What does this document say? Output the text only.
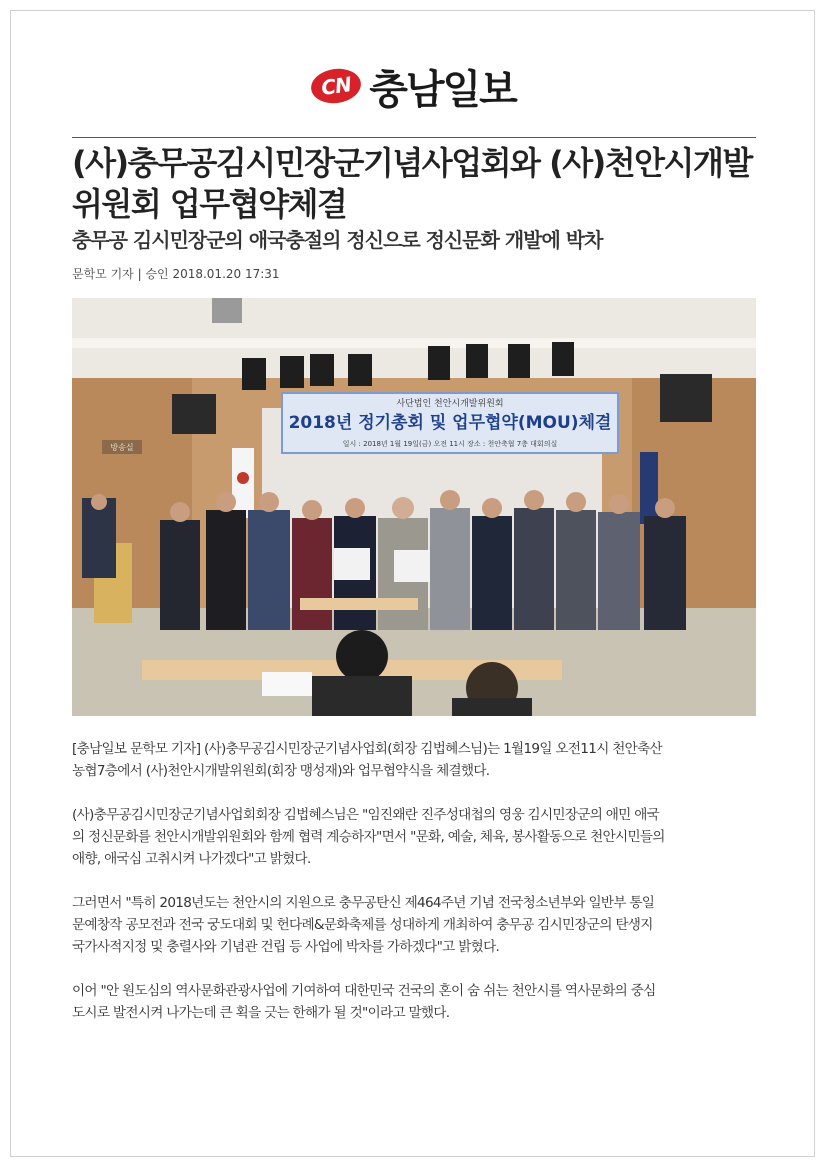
CN 충남일보
(사)충무공김시민장군기념사업회와 (사)천안시개발
위원회 업무협약체결
충무공 김시민장군의 애국충절의 정신으로 정신문화 개발에 박차
문학모 기자 | 승인 2018.01.20 17:31
사단법인 천안시개발위원회
2018년 정기총회 및 업무협약(MOU)체결
일시 : 2018년 1월 19일(금) 오전 11시 장소 : 천안축협 7층 대회의실
방송실

[충남일보 문학모 기자] (사)충무공김시민장군기념사업회(회장 김법혜스님)는 1월19일 오전11시 천안축산
농협7층에서 (사)천안시개발위원회(회장 맹성재)와 업무협약식을 체결했다.

(사)충무공김시민장군기념사업회회장 김법혜스님은 "임진왜란 진주성대첩의 영웅 김시민장군의 애민 애국
의 정신문화를 천안시개발위원회와 함께 협력 계승하자"면서 "문화, 예술, 체육, 봉사활동으로 천안시민들의
애향, 애국심 고취시켜 나가겠다"고 밝혔다.

그러면서 "특히 2018년도는 천안시의 지원으로 충무공탄신 제464주년 기념 전국청소년부와 일반부 통일
문예창작 공모전과 전국 궁도대회 및 헌다례&문화축제를 성대하게 개최하여 충무공 김시민장군의 탄생지
국가사적지정 및 충렬사와 기념관 건립 등 사업에 박차를 가하겠다"고 밝혔다.

이어 "안 원도심의 역사문화관광사업에 기여하여 대한민국 건국의 혼이 숨 쉬는 천안시를 역사문화의 중심
도시로 발전시켜 나가는데 큰 획을 긋는 한해가 될 것"이라고 말했다.
